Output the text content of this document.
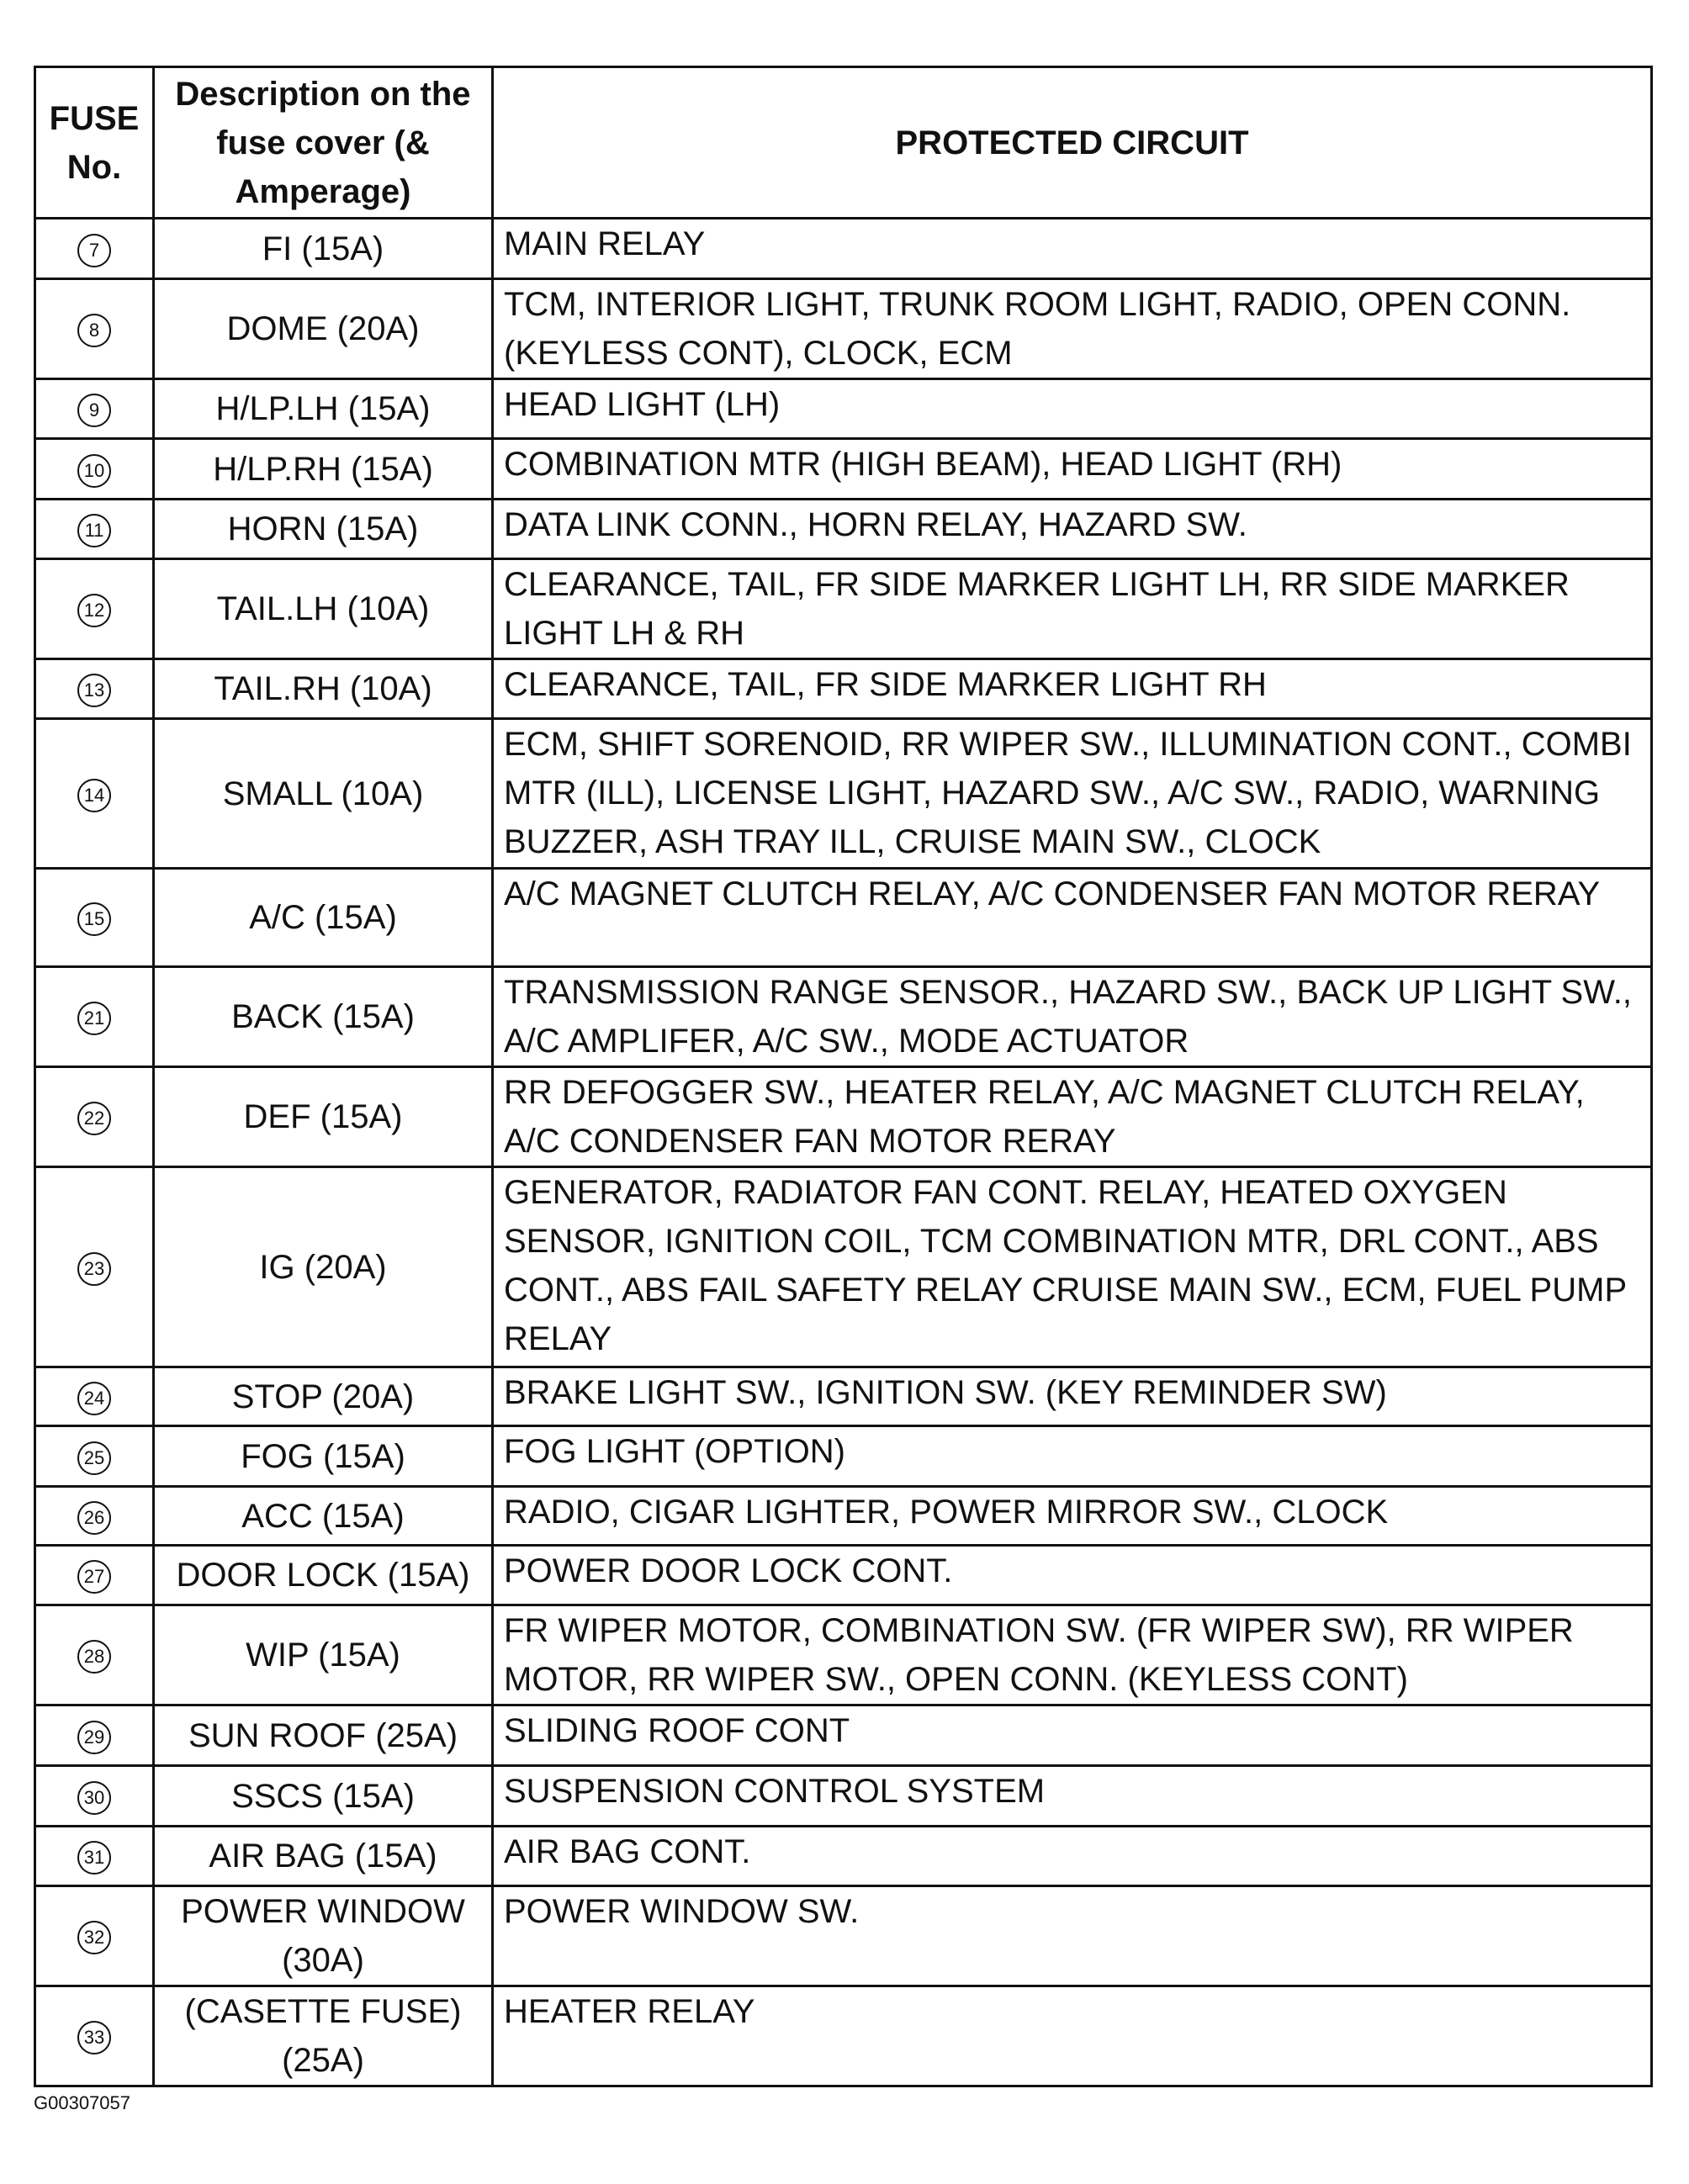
FUSE No.	Description on the fuse cover (& Amperage)	PROTECTED CIRCUIT
7	FI (15A)	MAIN RELAY
8	DOME (20A)	TCM, INTERIOR LIGHT, TRUNK ROOM LIGHT, RADIO, OPEN CONN. (KEYLESS CONT), CLOCK, ECM
9	H/LP.LH (15A)	HEAD LIGHT (LH)
10	H/LP.RH (15A)	COMBINATION MTR (HIGH BEAM), HEAD LIGHT (RH)
11	HORN (15A)	DATA LINK CONN., HORN RELAY, HAZARD SW.
12	TAIL.LH (10A)	CLEARANCE, TAIL, FR SIDE MARKER LIGHT LH, RR SIDE MARKER LIGHT LH & RH
13	TAIL.RH (10A)	CLEARANCE, TAIL, FR SIDE MARKER LIGHT RH
14	SMALL (10A)	ECM, SHIFT SORENOID, RR WIPER SW., ILLUMINATION CONT., COMBI MTR (ILL), LICENSE LIGHT, HAZARD SW., A/C SW., RADIO, WARNING BUZZER, ASH TRAY ILL, CRUISE MAIN SW., CLOCK
15	A/C (15A)	A/C MAGNET CLUTCH RELAY, A/C CONDENSER FAN MOTOR RERAY
21	BACK (15A)	TRANSMISSION RANGE SENSOR., HAZARD SW., BACK UP LIGHT SW., A/C AMPLIFER, A/C SW., MODE ACTUATOR
22	DEF (15A)	RR DEFOGGER SW., HEATER RELAY, A/C MAGNET CLUTCH RELAY, A/C CONDENSER FAN MOTOR RERAY
23	IG (20A)	GENERATOR, RADIATOR FAN CONT. RELAY, HEATED OXYGEN SENSOR, IGNITION COIL, TCM COMBINATION MTR, DRL CONT., ABS CONT., ABS FAIL SAFETY RELAY CRUISE MAIN SW., ECM, FUEL PUMP RELAY
24	STOP (20A)	BRAKE LIGHT SW., IGNITION SW. (KEY REMINDER SW)
25	FOG (15A)	FOG LIGHT (OPTION)
26	ACC (15A)	RADIO, CIGAR LIGHTER, POWER MIRROR SW., CLOCK
27	DOOR LOCK (15A)	POWER DOOR LOCK CONT.
28	WIP (15A)	FR WIPER MOTOR, COMBINATION SW. (FR WIPER SW), RR WIPER MOTOR, RR WIPER SW., OPEN CONN. (KEYLESS CONT)
29	SUN ROOF (25A)	SLIDING ROOF CONT
30	SSCS (15A)	SUSPENSION CONTROL SYSTEM
31	AIR BAG (15A)	AIR BAG CONT.
32	POWER WINDOW (30A)	POWER WINDOW SW.
33	(CASETTE FUSE) (25A)	HEATER RELAY
G00307057
